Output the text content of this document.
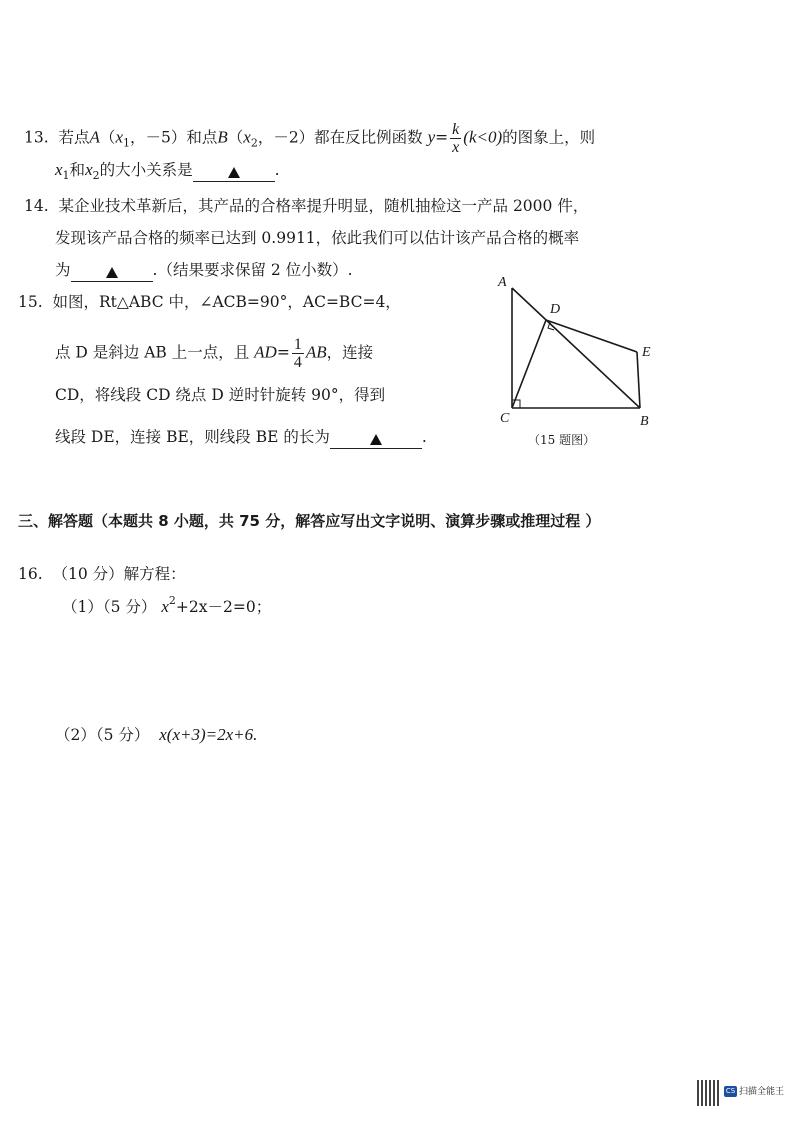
13. 若点$A(x_1$，－5）和点$B(x_2$，－2）都在反比例函数 $y= \frac{k}{x} (k<0)$的图象上，则
$x_1$和$x_2$的大小关系是	.
14. 某企业技术革新后，其产品的合格率提升明显，随机抽检这一产品 2000 件，
发现该产品合格的频率已达到 0.9911，依此我们可以估计该产品合格的概率
为	.（结果要求保留 2 位小数）.
15. 如图，Rt△ABC 中，∠ACB=90°，AC=BC=4，
点 D 是斜边 AB 上一点，且 $AD= \frac{1}{4}$ AB，连接
CD，将线段 CD 绕点 D 逆时针旋转 90°，得到
线段 DE，连接 BE，则线段 BE 的长为	.
A
D
E
C	B
（15 题图）
三、解答题（本题共 8 小题，共 75 分，解答应写出文字说明、演算步骤或推理过程 ）
16. （10 分）解方程：
（1）（5 分） $x^2+2x-2=0$；
（2）（5 分） x(x+3)=2x+6.
CS 扫描全能王
